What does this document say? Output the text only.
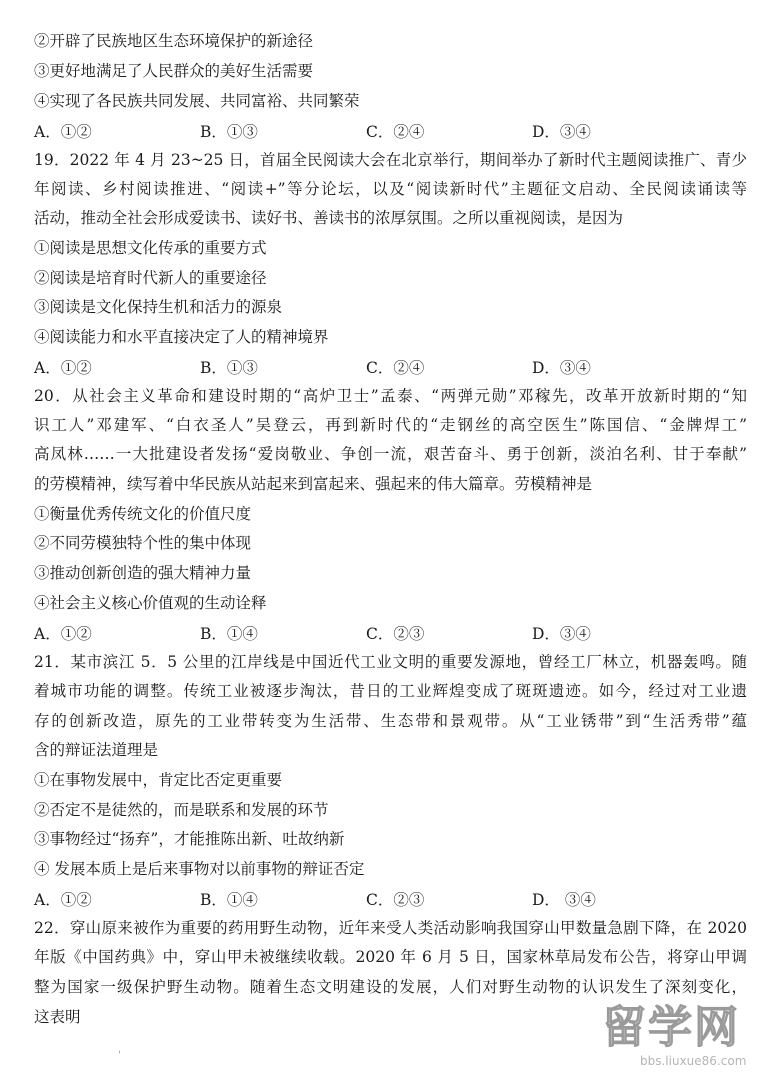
②开辟了民族地区生态环境保护的新途径
③更好地满足了人民群众的美好生活需要
④实现了各民族共同发展、共同富裕、共同繁荣
A．①②	B．①③	C．②④	D．③④
19．2022 年 4 月 23~25 日，首届全民阅读大会在北京举行，期间举办了新时代主题阅读推广、青少
年阅读、乡村阅读推进、“阅读+”等分论坛，以及“阅读新时代”主题征文启动、全民阅读诵读等
活动，推动全社会形成爱读书、读好书、善读书的浓厚氛围。之所以重视阅读，是因为
①阅读是思想文化传承的重要方式
②阅读是培育时代新人的重要途径
③阅读是文化保持生机和活力的源泉
④阅读能力和水平直接决定了人的精神境界
A．①②	B．①③	C．②④	D．③④
20．从社会主义革命和建设时期的“高炉卫士”孟泰、“两弹元勋”邓稼先，改革开放新时期的“知
识工人”邓建军、“白衣圣人”吴登云，再到新时代的“走钢丝的高空医生”陈国信、“金牌焊工”
高凤林……一大批建设者发扬“爱岗敬业、争创一流，艰苦奋斗、勇于创新，淡泊名利、甘于奉献”
的劳模精神，续写着中华民族从站起来到富起来、强起来的伟大篇章。劳模精神是
①衡量优秀传统文化的价值尺度
②不同劳模独特个性的集中体现
③推动创新创造的强大精神力量
④社会主义核心价值观的生动诠释
A．①②	B．①④	C．②③	D．③④
21．某市滨江 5．5 公里的江岸线是中国近代工业文明的重要发源地，曾经工厂林立，机器轰鸣。随
着城市功能的调整。传统工业被逐步淘汰，昔日的工业辉煌变成了斑斑遗迹。如今，经过对工业遗
存的创新改造，原先的工业带转变为生活带、生态带和景观带。从“工业锈带”到“生活秀带”蕴
含的辩证法道理是
①在事物发展中，肯定比否定更重要
②否定不是徒然的，而是联系和发展的环节
③事物经过“扬弃”，才能推陈出新、吐故纳新
④ 发展本质上是后来事物对以前事物的辩证否定
A．①②	B．①④	C．②③	D． ③④
22．穿山原来被作为重要的药用野生动物，近年来受人类活动影响我国穿山甲数量急剧下降，在 2020
年版《中国药典》中，穿山甲未被继续收载。2020 年 6 月 5 日，国家林草局发布公告，将穿山甲调
整为国家一级保护野生动物。随着生态文明建设的发展，人们对野生动物的认识发生了深刻变化，
这表明
'
留学网
bbs.liuxue86.com
